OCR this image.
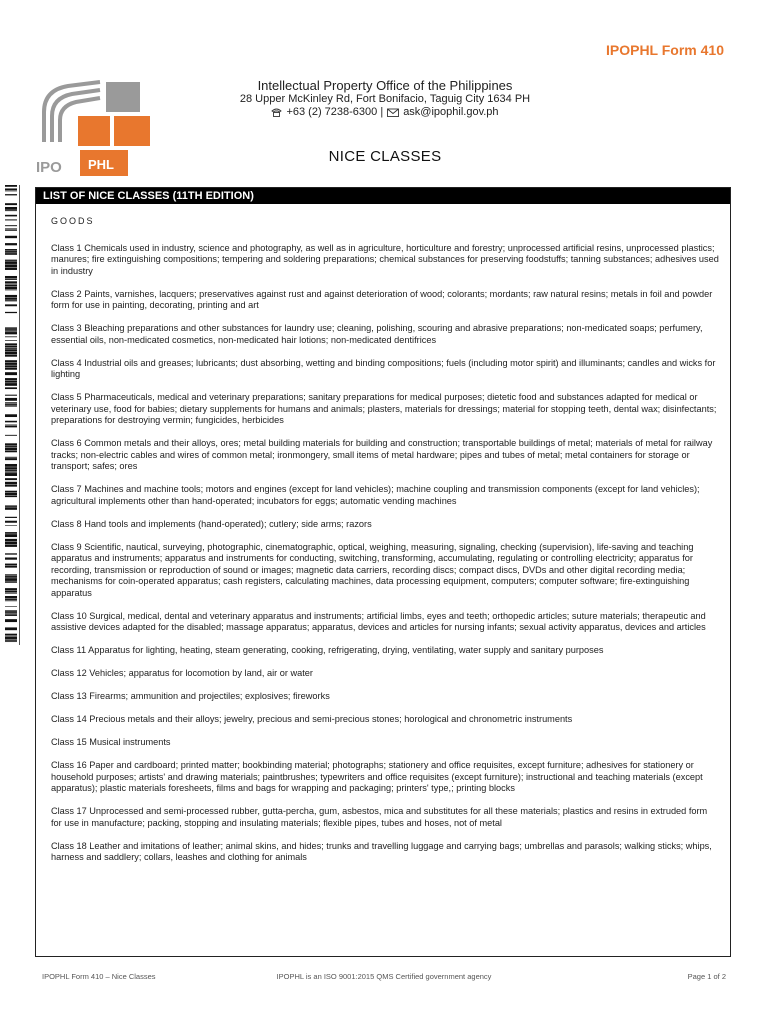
IPOPHL Form 410
IPO PHL
Intellectual Property Office of the Philippines
28 Upper McKinley Rd, Fort Bonifacio, Taguig City 1634 PH
+63 (2) 7238-6300 | ask@ipophil.gov.ph
NICE CLASSES
LIST OF NICE CLASSES (11TH EDITION)
GOODS
Class 1 Chemicals used in industry, science and photography, as well as in agriculture, horticulture and forestry; unprocessed artificial resins, unprocessed plastics; manures; fire extinguishing compositions; tempering and soldering preparations; chemical substances for preserving foodstuffs; tanning substances; adhesives used in industry
Class 2 Paints, varnishes, lacquers; preservatives against rust and against deterioration of wood; colorants; mordants; raw natural resins; metals in foil and powder form for use in painting, decorating, printing and art
Class 3 Bleaching preparations and other substances for laundry use; cleaning, polishing, scouring and abrasive preparations; non-medicated soaps; perfumery, essential oils, non-medicated cosmetics, non-medicated hair lotions; non-medicated dentifrices
Class 4 Industrial oils and greases; lubricants; dust absorbing, wetting and binding compositions; fuels (including motor spirit) and illuminants; candles and wicks for lighting
Class 5 Pharmaceuticals, medical and veterinary preparations; sanitary preparations for medical purposes; dietetic food and substances adapted for medical or veterinary use, food for babies; dietary supplements for humans and animals; plasters, materials for dressings; material for stopping teeth, dental wax; disinfectants; preparations for destroying vermin; fungicides, herbicides
Class 6 Common metals and their alloys, ores; metal building materials for building and construction; transportable buildings of metal; materials of metal for railway tracks; non-electric cables and wires of common metal; ironmongery, small items of metal hardware; pipes and tubes of metal; metal containers for storage or transport; safes; ores
Class 7 Machines and machine tools; motors and engines (except for land vehicles); machine coupling and transmission components (except for land vehicles); agricultural implements other than hand-operated; incubators for eggs; automatic vending machines
Class 8 Hand tools and implements (hand-operated); cutlery; side arms; razors
Class 9 Scientific, nautical, surveying, photographic, cinematographic, optical, weighing, measuring, signaling, checking (supervision), life-saving and teaching apparatus and instruments; apparatus and instruments for conducting, switching, transforming, accumulating, regulating or controlling electricity; apparatus for recording, transmission or reproduction of sound or images; magnetic data carriers, recording discs; compact discs, DVDs and other digital recording media; mechanisms for coin-operated apparatus; cash registers, calculating machines, data processing equipment, computers; computer software; fire-extinguishing apparatus
Class 10 Surgical, medical, dental and veterinary apparatus and instruments; artificial limbs, eyes and teeth; orthopedic articles; suture materials; therapeutic and assistive devices adapted for the disabled; massage apparatus; apparatus, devices and articles for nursing infants; sexual activity apparatus, devices and articles
Class 11 Apparatus for lighting, heating, steam generating, cooking, refrigerating, drying, ventilating, water supply and sanitary purposes
Class 12 Vehicles; apparatus for locomotion by land, air or water
Class 13 Firearms; ammunition and projectiles; explosives; fireworks
Class 14 Precious metals and their alloys; jewelry, precious and semi-precious stones; horological and chronometric instruments
Class 15 Musical instruments
Class 16 Paper and cardboard; printed matter; bookbinding material; photographs; stationery and office requisites, except furniture; adhesives for stationery or household purposes; artists' and drawing materials; paintbrushes; typewriters and office requisites (except furniture); instructional and teaching materials (except apparatus); plastic materials foresheets, films and bags for wrapping and packaging; printers' type,; printing blocks
Class 17 Unprocessed and semi-processed rubber, gutta-percha, gum, asbestos, mica and substitutes for all these materials; plastics and resins in extruded form for use in manufacture; packing, stopping and insulating materials; flexible pipes, tubes and hoses, not of metal
Class 18 Leather and imitations of leather; animal skins, and hides; trunks and travelling luggage and carrying bags; umbrellas and parasols; walking sticks; whips, harness and saddlery; collars, leashes and clothing for animals
IPOPHL Form 410 – Nice Classes	IPOPHL is an ISO 9001:2015 QMS Certified government agency	Page 1 of 2
